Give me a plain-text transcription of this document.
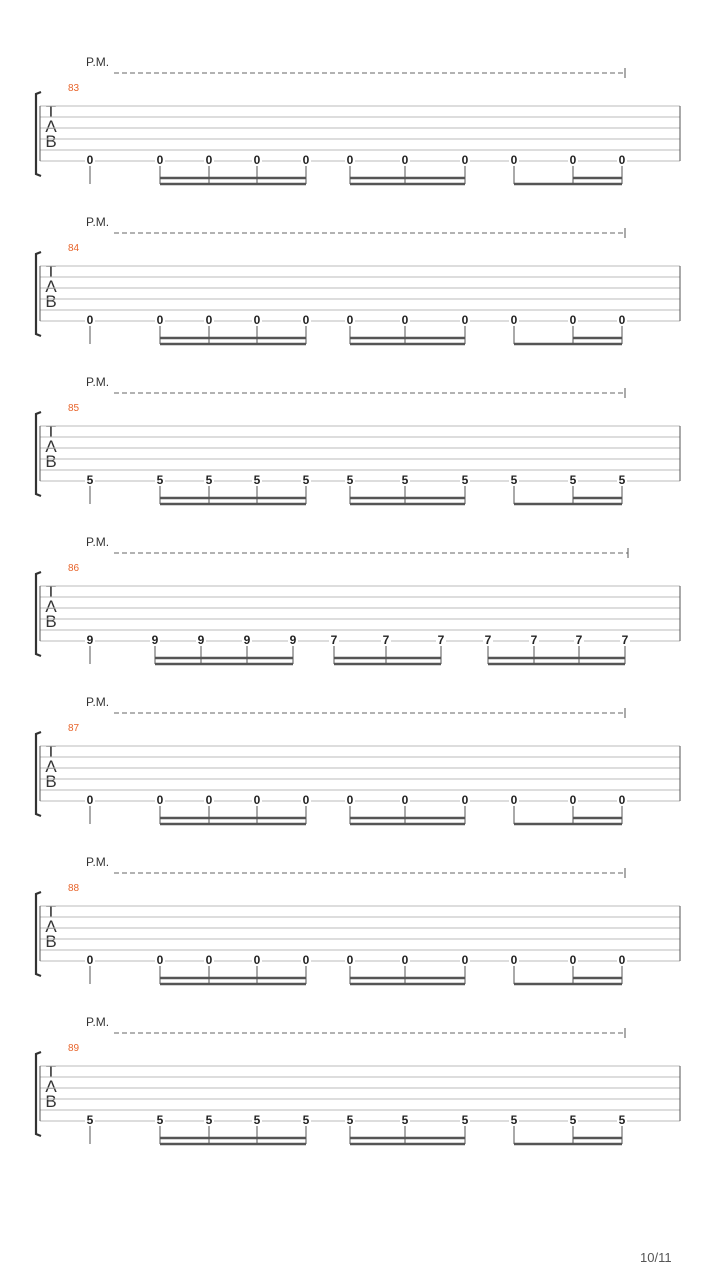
P.M.
83
T
A
B
0	0	0	0	0	0	0	0	0	0	0
P.M.
84
T
A
B
0	0	0	0	0	0	0	0	0	0	0
P.M.
85
T
A
B
5	5	5	5	5	5	5	5	5	5	5
P.M.
86
T
A
B
9	9	9	9	9	7	7	7	7	7	7	7
P.M.
87
T
A
B
0	0	0	0	0	0	0	0	0	0	0
P.M.
88
T
A
B
0	0	0	0	0	0	0	0	0	0	0
P.M.
89
T
A
B
5	5	5	5	5	5	5	5	5	5	5
10/11
